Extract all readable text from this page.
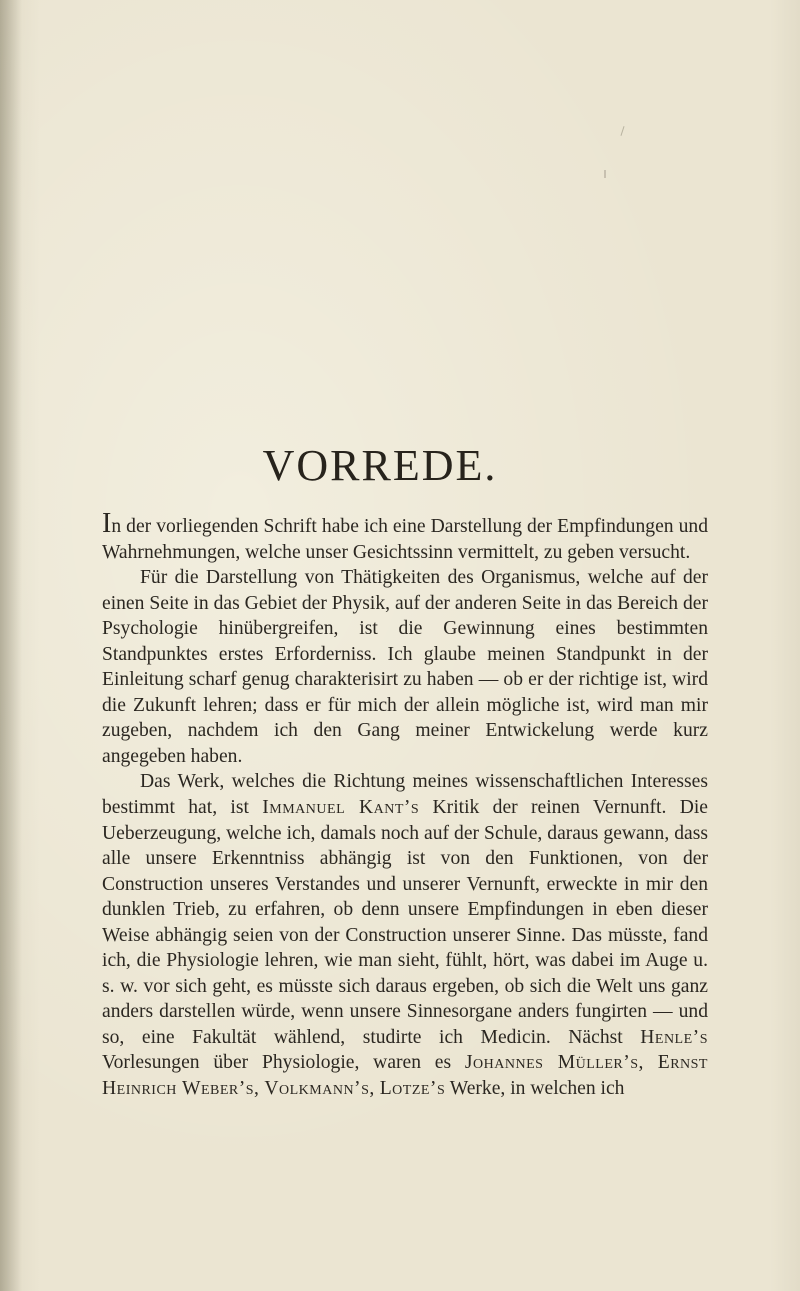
VORREDE.

In der vorliegenden Schrift habe ich eine Darstellung der Empfindungen und Wahrnehmungen, welche unser Gesichtssinn vermittelt, zu geben versucht.

Für die Darstellung von Thätigkeiten des Organismus, welche auf der einen Seite in das Gebiet der Physik, auf der anderen Seite in das Bereich der Psychologie hinübergreifen, ist die Gewinnung eines bestimmten Standpunktes erstes Erforderniss. Ich glaube meinen Standpunkt in der Einleitung scharf genug charakterisirt zu haben — ob er der richtige ist, wird die Zukunft lehren; dass er für mich der allein mögliche ist, wird man mir zugeben, nachdem ich den Gang meiner Entwickelung werde kurz angegeben haben.

Das Werk, welches die Richtung meines wissenschaftlichen Interesses bestimmt hat, ist Immanuel Kant’s Kritik der reinen Vernunft. Die Ueberzeugung, welche ich, damals noch auf der Schule, daraus gewann, dass alle unsere Erkenntniss abhängig ist von den Funktionen, von der Construction unseres Verstandes und unserer Vernunft, erweckte in mir den dunklen Trieb, zu erfahren, ob denn unsere Empfindungen in eben dieser Weise abhängig seien von der Construction unserer Sinne. Das müsste, fand ich, die Physiologie lehren, wie man sieht, fühlt, hört, was dabei im Auge u. s. w. vor sich geht, es müsste sich daraus ergeben, ob sich die Welt uns ganz anders darstellen würde, wenn unsere Sinnesorgane anders fungirten — und so, eine Fakultät wählend, studirte ich Medicin. Nächst Henle’s Vorlesungen über Physiologie, waren es Johannes Müller’s, Ernst Heinrich Weber’s, Volkmann’s, Lotze’s Werke, in welchen ich
